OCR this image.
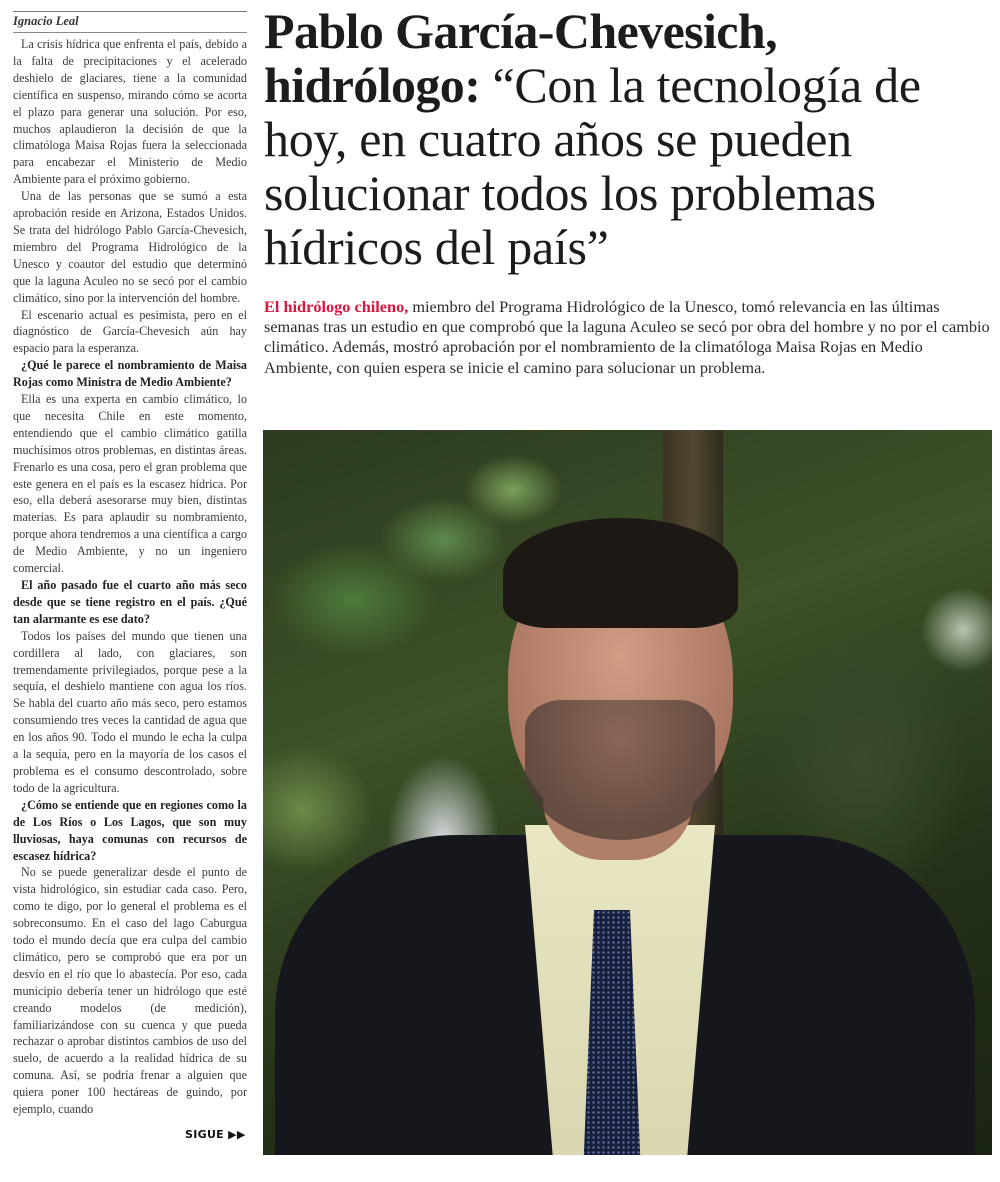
Ignacio Leal

La crisis hídrica que enfrenta el país, debido a la falta de precipitaciones y el acelerado deshielo de glaciares, tiene a la comunidad científica en suspenso, mirando cómo se acorta el plazo para generar una solución. Por eso, muchos aplaudieron la decisión de que la climatóloga Maisa Rojas fuera la seleccionada para encabezar el Ministerio de Medio Ambiente para el próximo gobierno.

Una de las personas que se sumó a esta aprobación reside en Arizona, Estados Unidos. Se trata del hidrólogo Pablo García-Chevesich, miembro del Programa Hidrológico de la Unesco y coautor del estudio que determinó que la laguna Aculeo no se secó por el cambio climático, sino por la intervención del hombre.

El escenario actual es pesimista, pero en el diagnóstico de García-Chevesich aún hay espacio para la esperanza.

¿Qué le parece el nombramiento de Maisa Rojas como Ministra de Medio Ambiente?

Ella es una experta en cambio climático, lo que necesita Chile en este momento, entendiendo que el cambio climático gatilla muchísimos otros problemas, en distintas áreas. Frenarlo es una cosa, pero el gran problema que este genera en el país es la escasez hídrica. Por eso, ella deberá asesorarse muy bien, distintas materias. Es para aplaudir su nombramiento, porque ahora tendremos a una científica a cargo de Medio Ambiente, y no un ingeniero comercial.

El año pasado fue el cuarto año más seco desde que se tiene registro en el país. ¿Qué tan alarmante es ese dato?

Todos los países del mundo que tienen una cordillera al lado, con glaciares, son tremendamente privilegiados, porque pese a la sequía, el deshielo mantiene con agua los ríos. Se habla del cuarto año más seco, pero estamos consumiendo tres veces la cantidad de agua que en los años 90. Todo el mundo le echa la culpa a la sequía, pero en la mayoría de los casos el problema es el consumo descontrolado, sobre todo de la agricultura.

¿Cómo se entiende que en regiones como la de Los Ríos o Los Lagos, que son muy lluviosas, haya comunas con recursos de escasez hídrica?

No se puede generalizar desde el punto de vista hidrológico, sin estudiar cada caso. Pero, como te digo, por lo general el problema es el sobreconsumo. En el caso del lago Caburgua todo el mundo decía que era culpa del cambio climático, pero se comprobó que era por un desvío en el río que lo abastecía. Por eso, cada municipio debería tener un hidrólogo que esté creando modelos (de medición), familiarizándose con su cuenca y que pueda rechazar o aprobar distintos cambios de uso del suelo, de acuerdo a la realidad hídrica de su comuna. Así, se podría frenar a alguien que quiera poner 100 hectáreas de guindo, por ejemplo, cuando

SIGUE ▶▶
Pablo García-Chevesich, hidrólogo: “Con la tecnología de hoy, en cuatro años se pueden solucionar todos los problemas hídricos del país”

El hidrólogo chileno, miembro del Programa Hidrológico de la Unesco, tomó relevancia en las últimas semanas tras un estudio en que comprobó que la laguna Aculeo se secó por obra del hombre y no por el cambio climático. Además, mostró aprobación por el nombramiento de la climatóloga Maisa Rojas en Medio Ambiente, con quien espera se inicie el camino para solucionar un problema.
